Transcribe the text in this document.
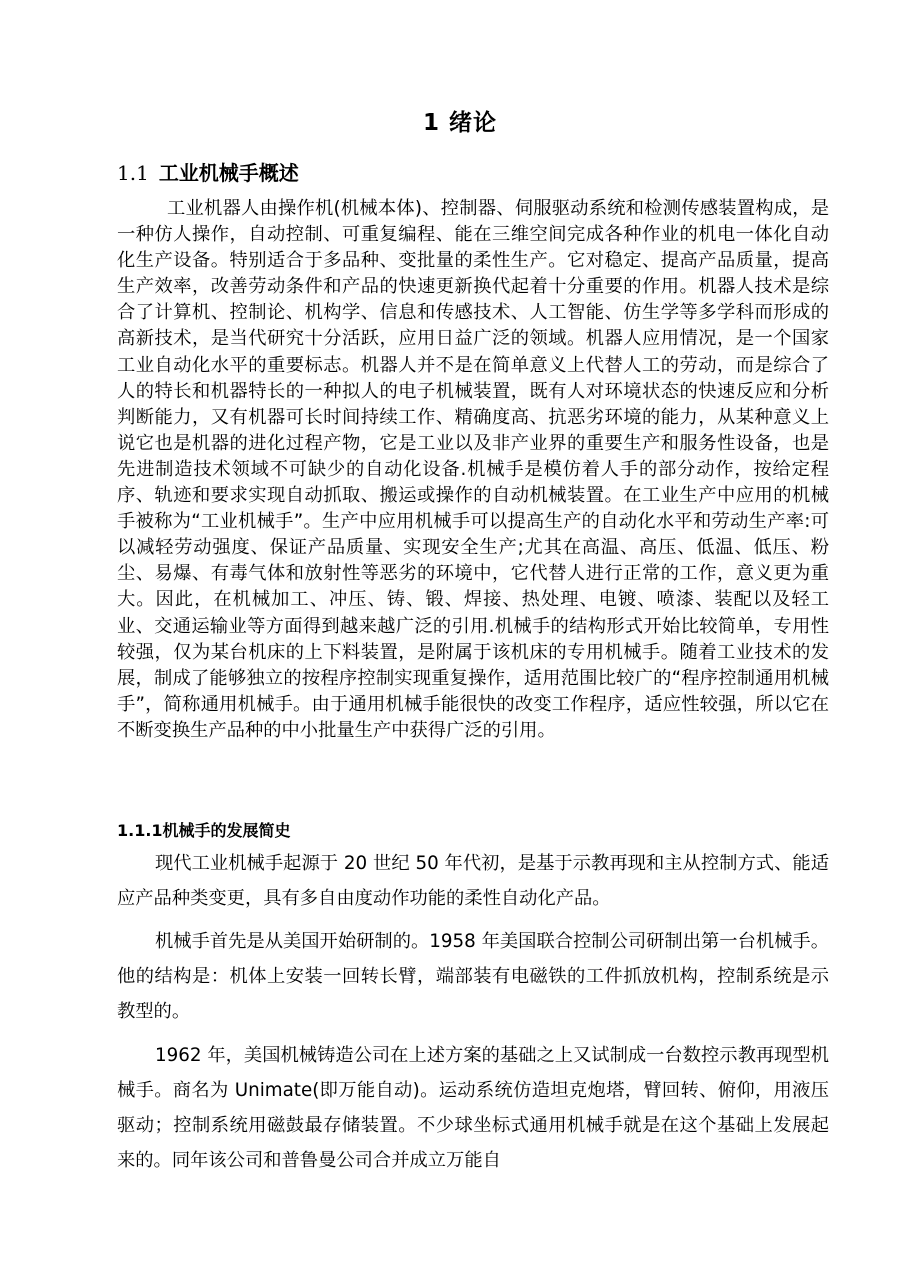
1 绪论
1.1 工业机械手概述

工业机器人由操作机(机械本体)、控制器、伺服驱动系统和检测传感装置构成，是一种仿人操作，自动控制、可重复编程、能在三维空间完成各种作业的机电一体化自动化生产设备。特别适合于多品种、变批量的柔性生产。它对稳定、提高产品质量，提高生产效率，改善劳动条件和产品的快速更新换代起着十分重要的作用。机器人技术是综合了计算机、控制论、机构学、信息和传感技术、人工智能、仿生学等多学科而形成的高新技术，是当代研究十分活跃，应用日益广泛的领域。机器人应用情况，是一个国家工业自动化水平的重要标志。机器人并不是在简单意义上代替人工的劳动，而是综合了人的特长和机器特长的一种拟人的电子机械装置，既有人对环境状态的快速反应和分析判断能力，又有机器可长时间持续工作、精确度高、抗恶劣环境的能力，从某种意义上说它也是机器的进化过程产物，它是工业以及非产业界的重要生产和服务性设备，也是先进制造技术领域不可缺少的自动化设备.机械手是模仿着人手的部分动作，按给定程序、轨迹和要求实现自动抓取、搬运或操作的自动机械装置。在工业生产中应用的机械手被称为“工业机械手”。生产中应用机械手可以提高生产的自动化水平和劳动生产率:可以减轻劳动强度、保证产品质量、实现安全生产;尤其在高温、高压、低温、低压、粉尘、易爆、有毒气体和放射性等恶劣的环境中，它代替人进行正常的工作，意义更为重大。因此，在机械加工、冲压、铸、锻、焊接、热处理、电镀、喷漆、装配以及轻工业、交通运输业等方面得到越来越广泛的引用.机械手的结构形式开始比较简单，专用性较强，仅为某台机床的上下料装置，是附属于该机床的专用机械手。随着工业技术的发展，制成了能够独立的按程序控制实现重复操作，适用范围比较广的“程序控制通用机械手”，简称通用机械手。由于通用机械手能很快的改变工作程序，适应性较强，所以它在不断变换生产品种的中小批量生产中获得广泛的引用。

1.1.1机械手的发展简史

现代工业机械手起源于 20 世纪 50 年代初，是基于示教再现和主从控制方式、能适应产品种类变更，具有多自由度动作功能的柔性自动化产品。

机械手首先是从美国开始研制的。1958 年美国联合控制公司研制出第一台机械手。他的结构是：机体上安装一回转长臂，端部装有电磁铁的工件抓放机构，控制系统是示教型的。

1962 年，美国机械铸造公司在上述方案的基础之上又试制成一台数控示教再现型机械手。商名为 Unimate(即万能自动)。运动系统仿造坦克炮塔，臂回转、俯仰，用液压驱动；控制系统用磁鼓最存储装置。不少球坐标式通用机械手就是在这个基础上发展起来的。同年该公司和普鲁曼公司合并成立万能自
